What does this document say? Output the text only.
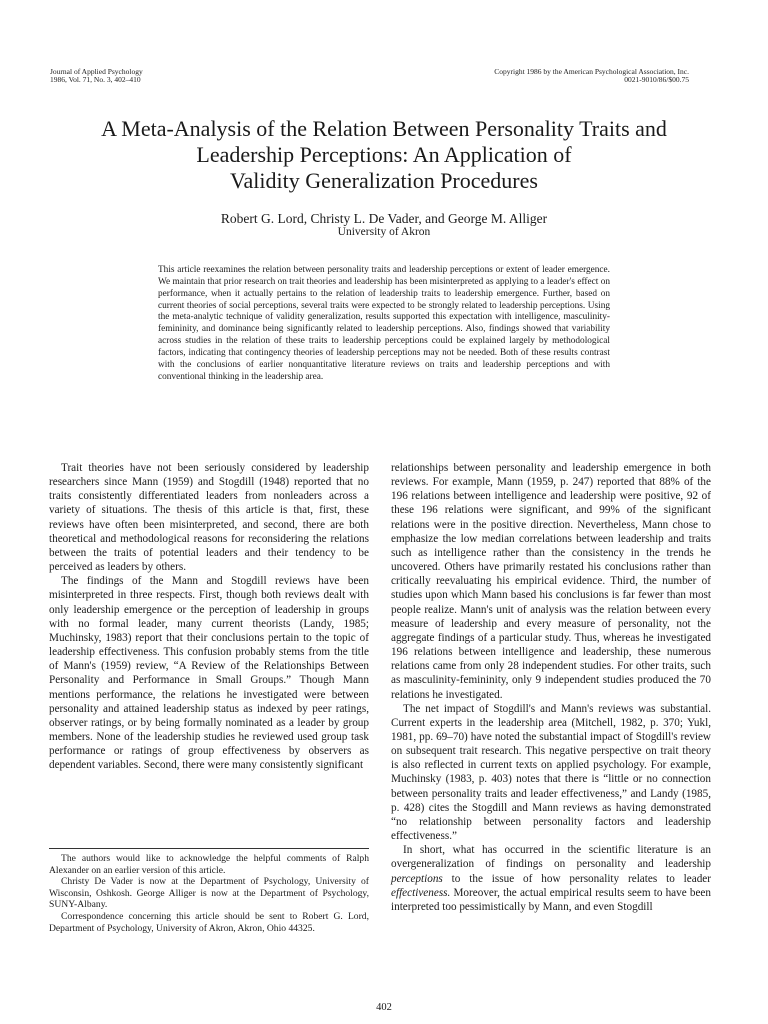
Journal of Applied Psychology
1986, Vol. 71, No. 3, 402–410
Copyright 1986 by the American Psychological Association, Inc.
0021-9010/86/$00.75
A Meta-Analysis of the Relation Between Personality Traits and
Leadership Perceptions: An Application of
Validity Generalization Procedures
Robert G. Lord, Christy L. De Vader, and George M. Alliger
University of Akron

This article reexamines the relation between personality traits and leadership perceptions or extent of leader emergence. We maintain that prior research on trait theories and leadership has been misinterpreted as applying to a leader's effect on performance, when it actually pertains to the relation of leadership traits to leadership emergence. Further, based on current theories of social perceptions, several traits were expected to be strongly related to leadership perceptions. Using the meta-analytic technique of validity generalization, results supported this expectation with intelligence, masculinity-femininity, and dominance being significantly related to leadership perceptions. Also, findings showed that variability across studies in the relation of these traits to leadership perceptions could be explained largely by methodological factors, indicating that contingency theories of leadership perceptions may not be needed. Both of these results contrast with the conclusions of earlier nonquantitative literature reviews on traits and leadership perceptions and with conventional thinking in the leadership area.

Trait theories have not been seriously considered by leadership researchers since Mann (1959) and Stogdill (1948) reported that no traits consistently differentiated leaders from nonleaders across a variety of situations. The thesis of this article is that, first, these reviews have often been misinterpreted, and second, there are both theoretical and methodological reasons for reconsidering the relations between the traits of potential leaders and their tendency to be perceived as leaders by others.

The findings of the Mann and Stogdill reviews have been misinterpreted in three respects. First, though both reviews dealt with only leadership emergence or the perception of leadership in groups with no formal leader, many current theorists (Landy, 1985; Muchinsky, 1983) report that their conclusions pertain to the topic of leadership effectiveness. This confusion probably stems from the title of Mann's (1959) review, “A Review of the Relationships Between Personality and Performance in Small Groups.” Though Mann mentions performance, the relations he investigated were between personality and attained leadership status as indexed by peer ratings, observer ratings, or by being formally nominated as a leader by group members. None of the leadership studies he reviewed used group task performance or ratings of group effectiveness by observers as dependent variables. Second, there were many consistently significant

relationships between personality and leadership emergence in both reviews. For example, Mann (1959, p. 247) reported that 88% of the 196 relations between intelligence and leadership were positive, 92 of these 196 relations were significant, and 99% of the significant relations were in the positive direction. Nevertheless, Mann chose to emphasize the low median correlations between leadership and traits such as intelligence rather than the consistency in the trends he uncovered. Others have primarily restated his conclusions rather than critically reevaluating his empirical evidence. Third, the number of studies upon which Mann based his conclusions is far fewer than most people realize. Mann's unit of analysis was the relation between every measure of leadership and every measure of personality, not the aggregate findings of a particular study. Thus, whereas he investigated 196 relations between intelligence and leadership, these numerous relations came from only 28 independent studies. For other traits, such as masculinity-femininity, only 9 independent studies produced the 70 relations he investigated.

The net impact of Stogdill's and Mann's reviews was substantial. Current experts in the leadership area (Mitchell, 1982, p. 370; Yukl, 1981, pp. 69–70) have noted the substantial impact of Stogdill's review on subsequent trait research. This negative perspective on trait theory is also reflected in current texts on applied psychology. For example, Muchinsky (1983, p. 403) notes that there is “little or no connection between personality traits and leader effectiveness,” and Landy (1985, p. 428) cites the Stogdill and Mann reviews as having demonstrated “no relationship between personality factors and leadership effectiveness.”

In short, what has occurred in the scientific literature is an overgeneralization of findings on personality and leadership perceptions to the issue of how personality relates to leader effectiveness. Moreover, the actual empirical results seem to have been interpreted too pessimistically by Mann, and even Stogdill

The authors would like to acknowledge the helpful comments of Ralph Alexander on an earlier version of this article.

Christy De Vader is now at the Department of Psychology, University of Wisconsin, Oshkosh. George Alliger is now at the Department of Psychology, SUNY-Albany.

Correspondence concerning this article should be sent to Robert G. Lord, Department of Psychology, University of Akron, Akron, Ohio 44325.

402
